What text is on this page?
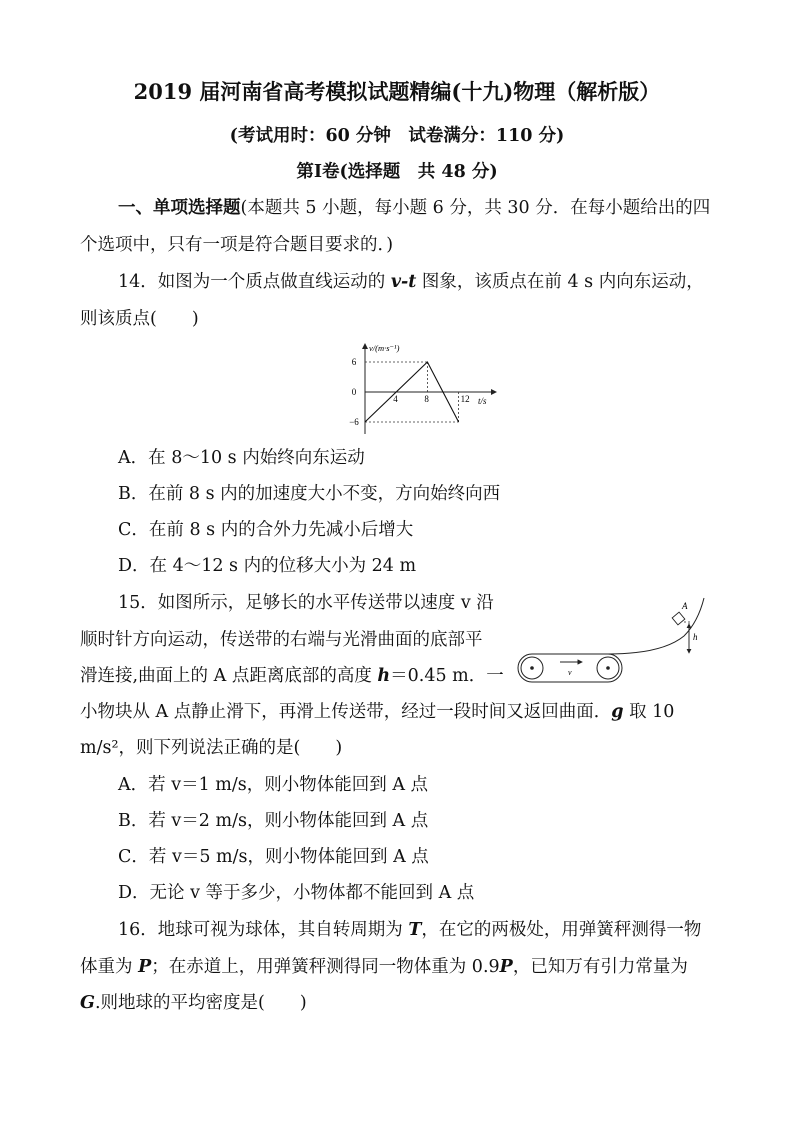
2019 届河南省高考模拟试题精编(十九)物理（解析版）
(考试用时：60 分钟　试卷满分：110 分)
第Ⅰ卷(选择题　共 48 分)
一、单项选择题(本题共 5 小题，每小题 6 分，共 30 分．在每小题给出的四
个选项中，只有一项是符合题目要求的．)
14．如图为一个质点做直线运动的 v-t 图象，该质点在前 4 s 内向东运动，
则该质点(　　)
4	8	12
6
0
−6
v/(m·s⁻¹)
t/s
A．在 8～10 s 内始终向东运动
B．在前 8 s 内的加速度大小不变，方向始终向西
C．在前 8 s 内的合外力先减小后增大
D．在 4～12 s 内的位移大小为 24 m
15．如图所示，足够长的水平传送带以速度 v 沿
顺时针方向运动，传送带的右端与光滑曲面的底部平
滑连接,曲面上的 A 点距离底部的高度 h＝0.45 m．一
小物块从 A 点静止滑下，再滑上传送带，经过一段时间又返回曲面．g 取 10
m/s²，则下列说法正确的是(　　)
v
A
h
A．若 v＝1 m/s，则小物体能回到 A 点
B．若 v＝2 m/s，则小物体能回到 A 点
C．若 v＝5 m/s，则小物体能回到 A 点
D．无论 v 等于多少，小物体都不能回到 A 点
16．地球可视为球体，其自转周期为 T，在它的两极处，用弹簧秤测得一物
体重为 P；在赤道上，用弹簧秤测得同一物体重为 0.9P，已知万有引力常量为
G.则地球的平均密度是(　　)
